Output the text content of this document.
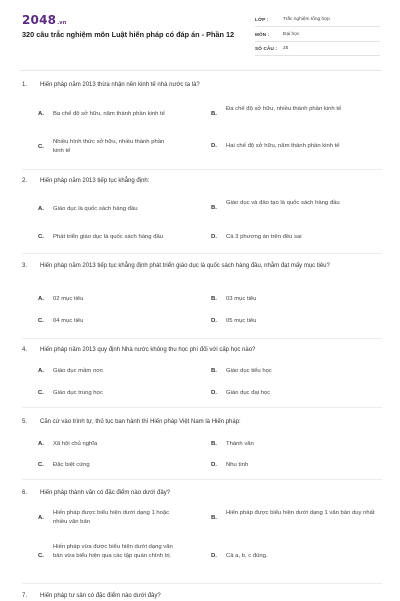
2048.vn
320 câu trắc nghiệm môn Luật hiến pháp có đáp án - Phần 12
LỚP :	Trắc nghiệm tổng hợp
MÔN :	Đại học
SỐ CÂU : 25
1. Hiến pháp năm 2013 thừa nhận nền kinh tế nhà nước ta là?
A. Ba chế độ sở hữu, năm thành phần kinh tế	B.
Đa chế độ sở hữu, nhiều thành phần kinh tế
C.
Nhiều hình thức sở hữu, nhiều thành phần kinh tế
D. Hai chế độ sở hữu, năm thành phần kinh tế
2. Hiến pháp năm 2013 tiếp tục khẳng định:
A. Giáo dục là quốc sách hàng đầu	B.
Giáo dục và đào tạo là quốc sách hàng đầu
C. Phát triển giáo dục là quốc sách hàng đầu	D. Cả 3 phương án trên đều sai
3. Hiến pháp năm 2013 tiếp tục khẳng định phát triển giáo dục là quốc sách hàng đầu, nhằm đạt mấy mục tiêu?
A. 02 mục tiêu	B. 03 mục tiêu
C. 04 mục tiêu	D. 05 mục tiêu
4. Hiến pháp năm 2013 quy định Nhà nước không thu học phí đối với cấp học nào?
A. Giáo dục mầm non	B. Giáo dục tiểu học
C. Giáo dục trung học	D. Giáo dục đại học
5. Căn cứ vào trình tự, thủ tục ban hành thì Hiến pháp Việt Nam là Hiến pháp:
A. Xã hội chủ nghĩa	B. Thành văn
C. Đặc biệt cứng	D. Nhu tính
6. Hiến pháp thành văn có đặc điểm nào dưới đây?
A.
Hiến pháp được biểu hiện dưới dạng 1 hoặc nhiều văn bản
B.
Hiến pháp được biểu hiện dưới dạng 1 văn bản duy nhất
C.
Hiến pháp vừa được biểu hiện dưới dạng văn bản vừa biểu hiện qua các tập quán chính trị.	D. Cả a, b, c đúng.
7. Hiến pháp tư sản có đặc điểm nào dưới đây?
